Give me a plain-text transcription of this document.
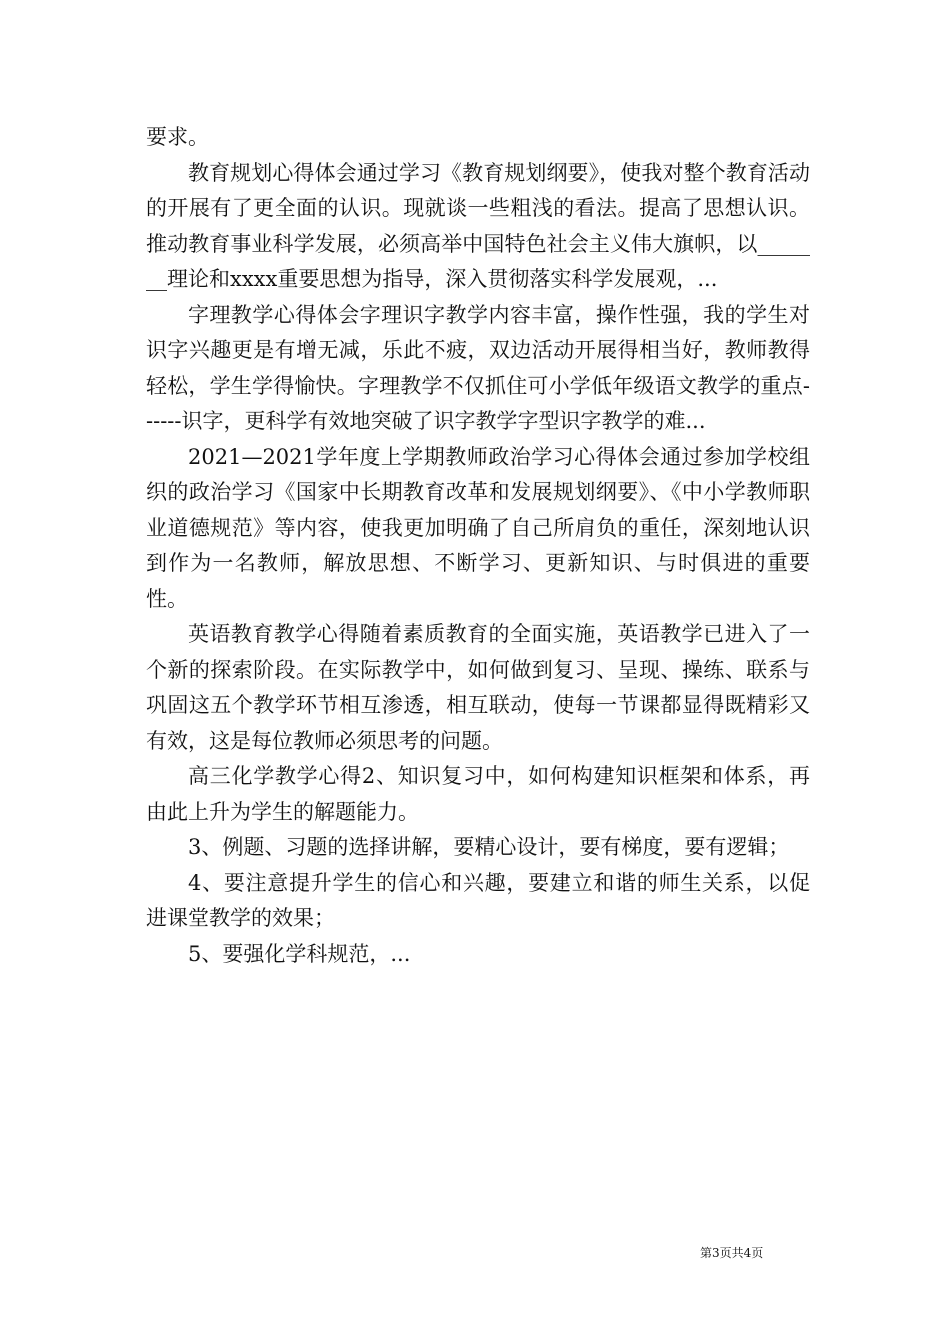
要求。

教育规划心得体会通过学习《教育规划纲要》，使我对整个教育活动的开展有了更全面的认识。现就谈一些粗浅的看法。提高了思想认识。推动教育事业科学发展，必须高举中国特色社会主义伟大旗帜，以_______理论和xxxx重要思想为指导，深入贯彻落实科学发展观，...

字理教学心得体会字理识字教学内容丰富，操作性强，我的学生对识字兴趣更是有增无减，乐此不疲，双边活动开展得相当好，教师教得轻松，学生学得愉快。字理教学不仅抓住可小学低年级语文教学的重点------识字，更科学有效地突破了识字教学字型识字教学的难...

2021—2021学年度上学期教师政治学习心得体会通过参加学校组织的政治学习《国家中长期教育改革和发展规划纲要》、《中小学教师职业道德规范》等内容，使我更加明确了自己所肩负的重任，深刻地认识到作为一名教师，解放思想、不断学习、更新知识、与时俱进的重要性。

英语教育教学心得随着素质教育的全面实施，英语教学已进入了一个新的探索阶段。在实际教学中，如何做到复习、呈现、操练、联系与巩固这五个教学环节相互渗透，相互联动，使每一节课都显得既精彩又有效，这是每位教师必须思考的问题。

高三化学教学心得2、知识复习中，如何构建知识框架和体系，再由此上升为学生的解题能力。

3、例题、习题的选择讲解，要精心设计，要有梯度，要有逻辑；

4、要注意提升学生的信心和兴趣，要建立和谐的师生关系，以促进课堂教学的效果；

5、要强化学科规范，...

第3页共4页
